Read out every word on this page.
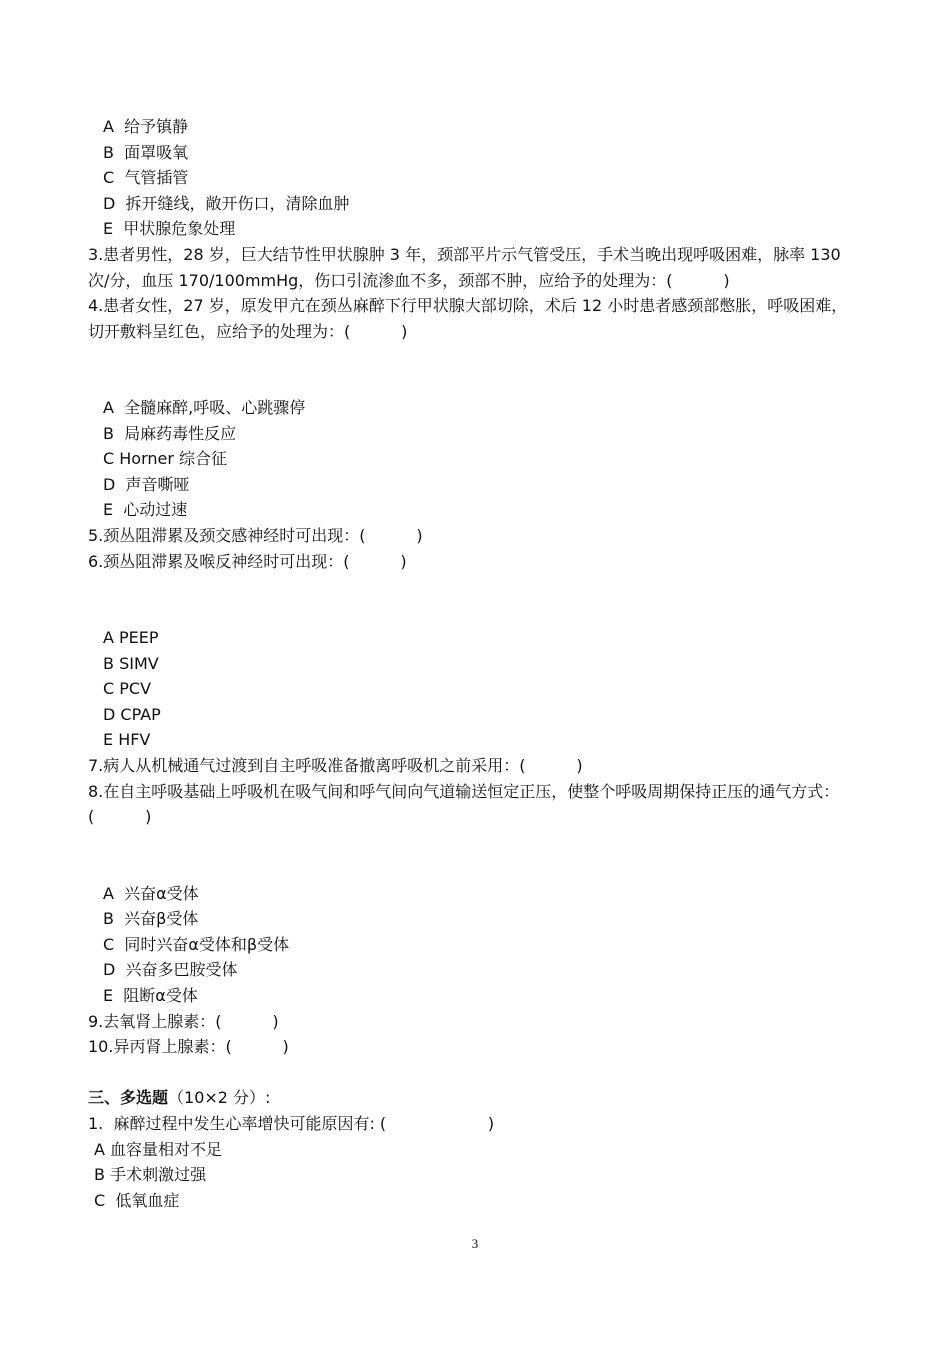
A  给予镇静
B  面罩吸氧
C  气管插管
D  拆开缝线，敞开伤口，清除血肿
E  甲状腺危象处理
3.患者男性，28 岁，巨大结节性甲状腺肿 3 年，颈部平片示气管受压，手术当晚出现呼吸困难，脉率 130
次/分，血压 170/100mmHg，伤口引流渗血不多，颈部不肿，应给予的处理为：(          )
4.患者女性，27 岁，原发甲亢在颈丛麻醉下行甲状腺大部切除，术后 12 小时患者感颈部憋胀，呼吸困难，
切开敷料呈红色，应给予的处理为：(          )
A  全髓麻醉,呼吸、心跳骤停
B  局麻药毒性反应
C Horner 综合征
D  声音嘶哑
E  心动过速
5.颈丛阻滞累及颈交感神经时可出现：(          )
6.颈丛阻滞累及喉反神经时可出现：(          )
A PEEP
B SIMV
C PCV
D CPAP
E HFV
7.病人从机械通气过渡到自主呼吸准备撤离呼吸机之前采用：(          )
8.在自主呼吸基础上呼吸机在吸气间和呼气间向气道输送恒定正压，使整个呼吸周期保持正压的通气方式：
(          )
A  兴奋α受体
B  兴奋β受体
C  同时兴奋α受体和β受体
D  兴奋多巴胺受体
E  阻断α受体
9.去氧肾上腺素：(          )
10.异丙肾上腺素：(          )
三、多选题（10×2 分）:
1.  麻醉过程中发生心率增快可能原因有: (                    )
A 血容量相对不足
B 手术刺激过强
C  低氧血症
3
